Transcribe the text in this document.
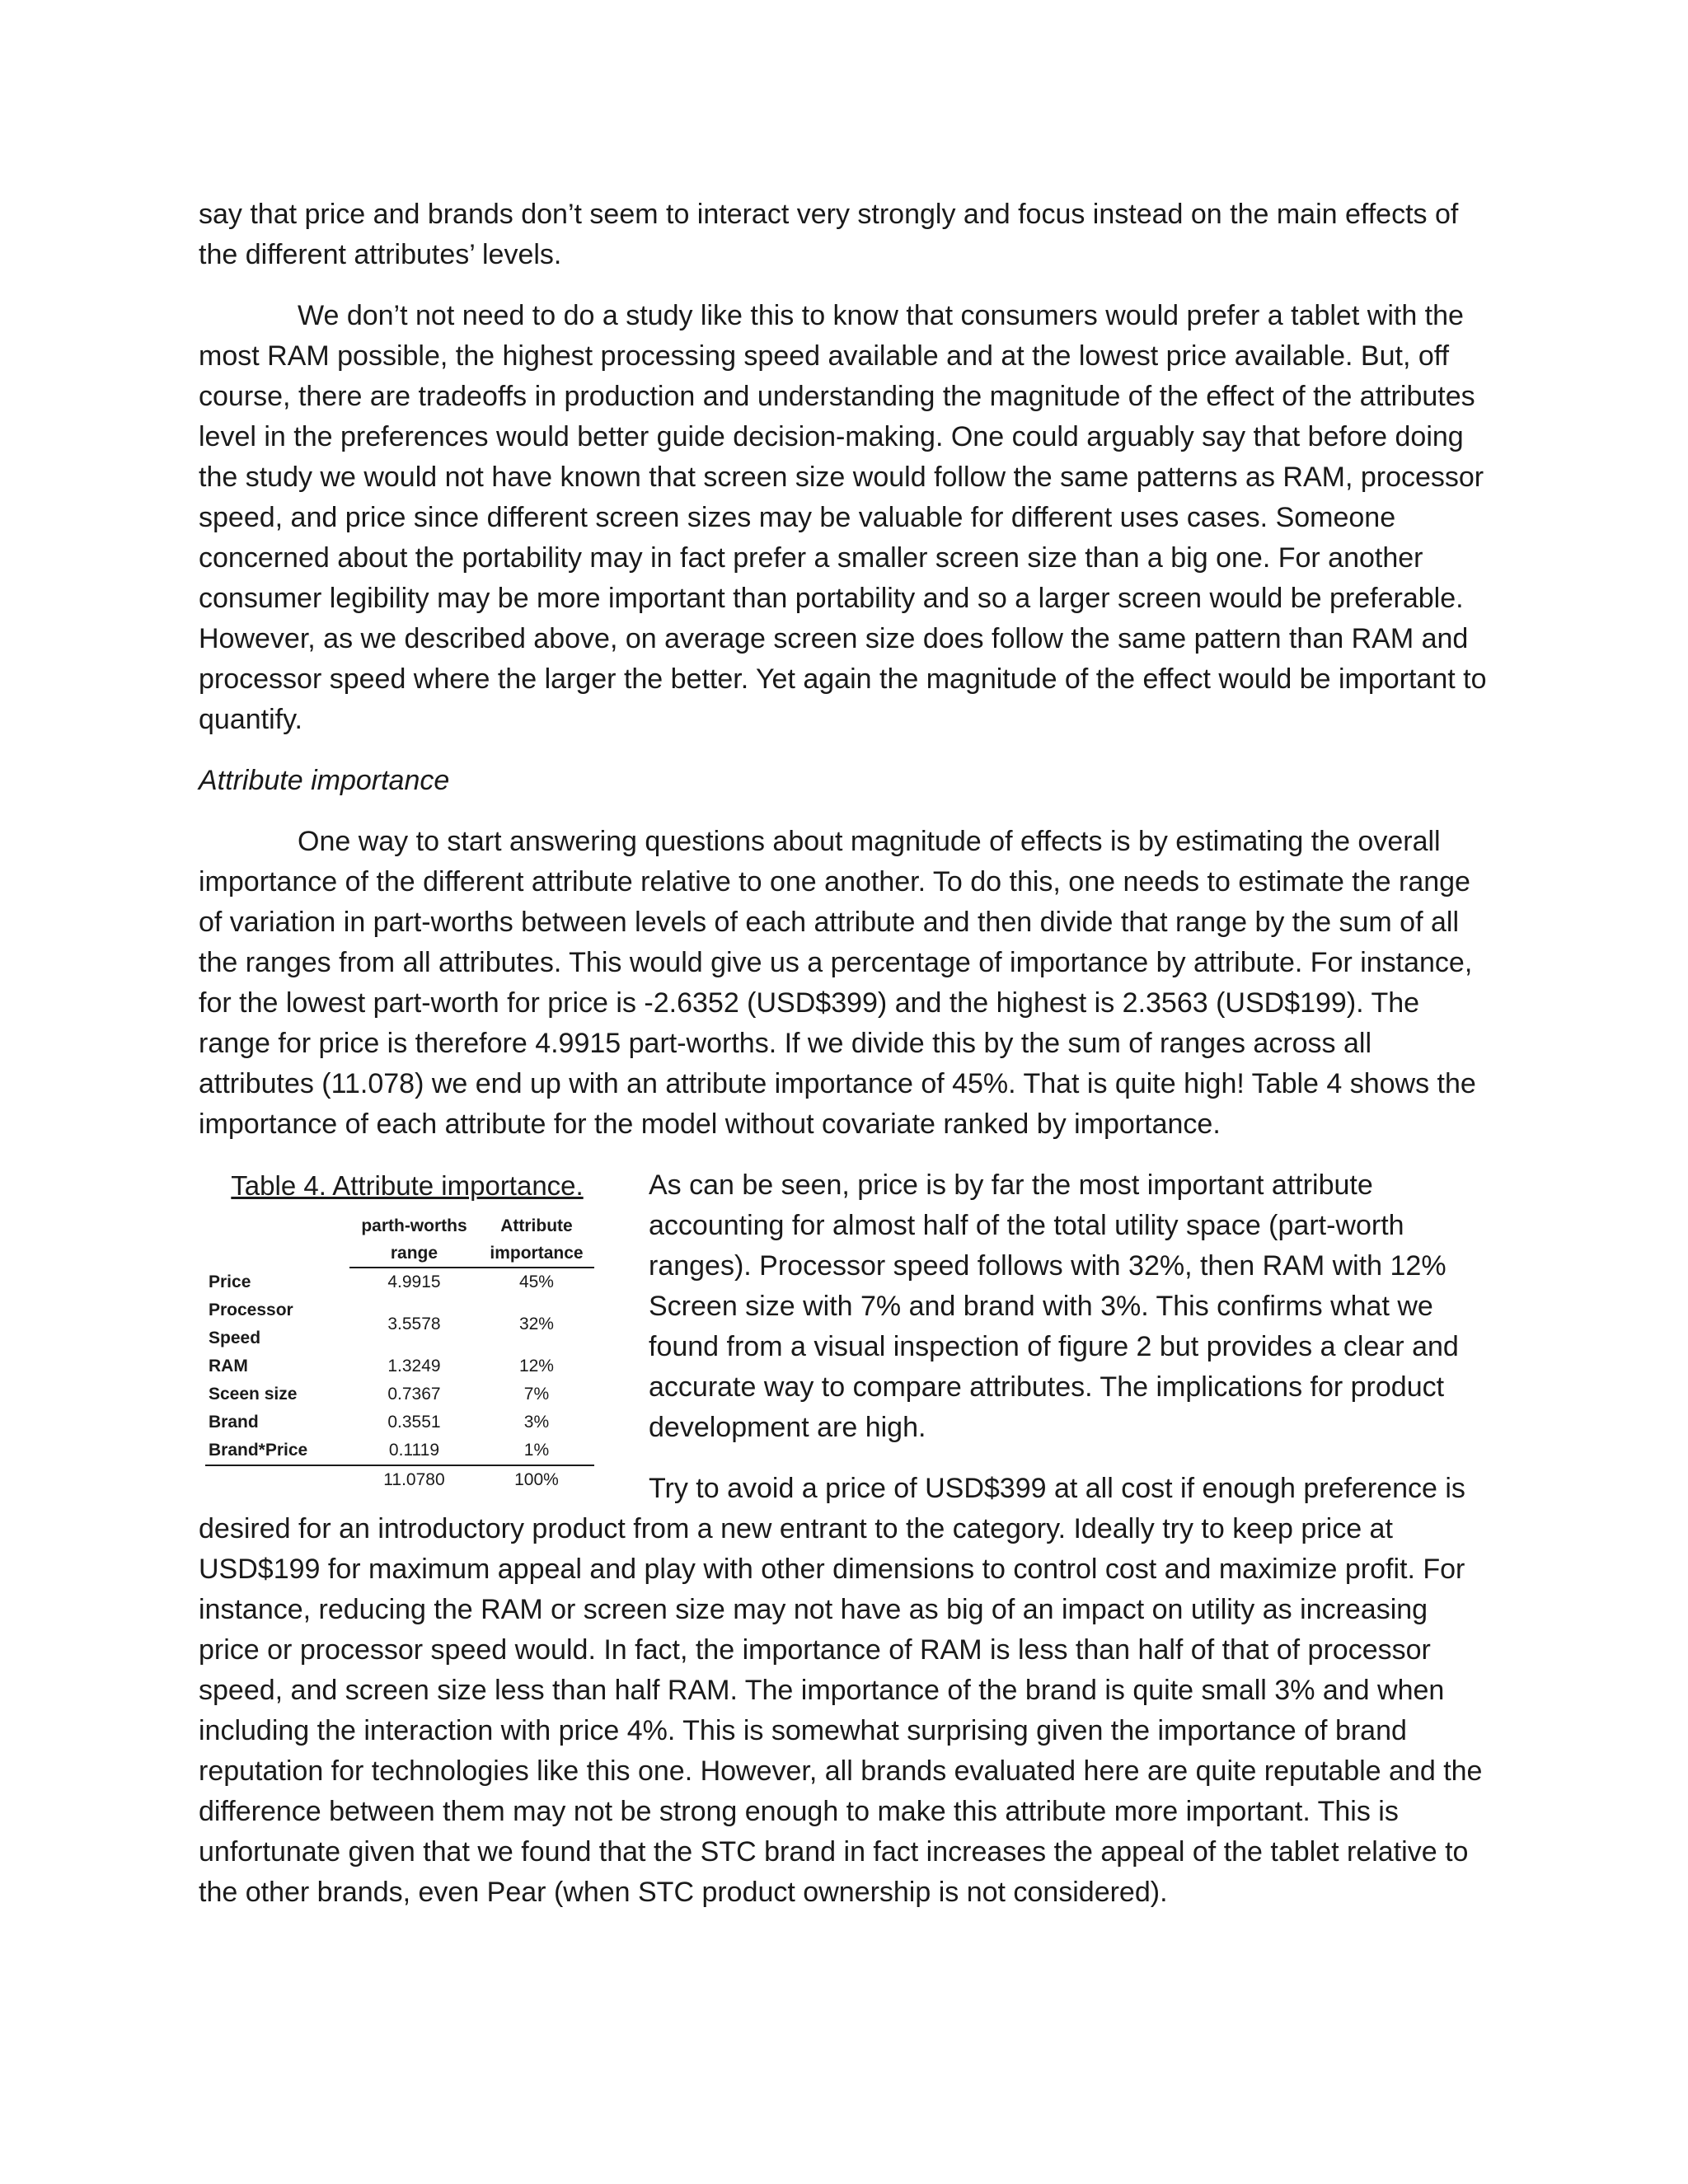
say that price and brands don’t seem to interact very strongly and focus instead on the main effects of the different attributes’ levels.

We don’t not need to do a study like this to know that consumers would prefer a tablet with the most RAM possible, the highest processing speed available and at the lowest price available. But, off course, there are tradeoffs in production and understanding the magnitude of the effect of the attributes level in the preferences would better guide decision-making. One could arguably say that before doing the study we would not have known that screen size would follow the same patterns as RAM, processor speed, and price since different screen sizes may be valuable for different uses cases. Someone concerned about the portability may in fact prefer a smaller screen size than a big one. For another consumer legibility may be more important than portability and so a larger screen would be preferable. However, as we described above, on average screen size does follow the same pattern than RAM and processor speed where the larger the better. Yet again the magnitude of the effect would be important to quantify.

Attribute importance

One way to start answering questions about magnitude of effects is by estimating the overall importance of the different attribute relative to one another. To do this, one needs to estimate the range of variation in part-worths between levels of each attribute and then divide that range by the sum of all the ranges from all attributes. This would give us a percentage of importance by attribute. For instance, for the lowest part-worth for price is -2.6352 (USD$399) and the highest is 2.3563 (USD$199). The range for price is therefore 4.9915 part-worths. If we divide this by the sum of ranges across all attributes (11.078) we end up with an attribute importance of 45%. That is quite high! Table 4 shows the importance of each attribute for the model without covariate ranked by importance.

Table 4. Attribute importance.
	parth-worths	Attribute
	range	importance
Price	4.9915	45%
Processor Speed	3.5578	32%
RAM	1.3249	12%
Sceen size	0.7367	7%
Brand	0.3551	3%
Brand*Price	0.1119	1%
	11.0780	100%

As can be seen, price is by far the most important attribute accounting for almost half of the total utility space (part-worth ranges). Processor speed follows with 32%, then RAM with 12% Screen size with 7% and brand with 3%. This confirms what we found from a visual inspection of figure 2 but provides a clear and accurate way to compare attributes. The implications for product development are high.

Try to avoid a price of USD$399 at all cost if enough preference is desired for an introductory product from a new entrant to the category. Ideally try to keep price at USD$199 for maximum appeal and play with other dimensions to control cost and maximize profit. For instance, reducing the RAM or screen size may not have as big of an impact on utility as increasing price or processor speed would. In fact, the importance of RAM is less than half of that of processor speed, and screen size less than half RAM. The importance of the brand is quite small 3% and when including the interaction with price 4%. This is somewhat surprising given the importance of brand reputation for technologies like this one. However, all brands evaluated here are quite reputable and the difference between them may not be strong enough to make this attribute more important. This is unfortunate given that we found that the STC brand in fact increases the appeal of the tablet relative to the other brands, even Pear (when STC product ownership is not considered).
